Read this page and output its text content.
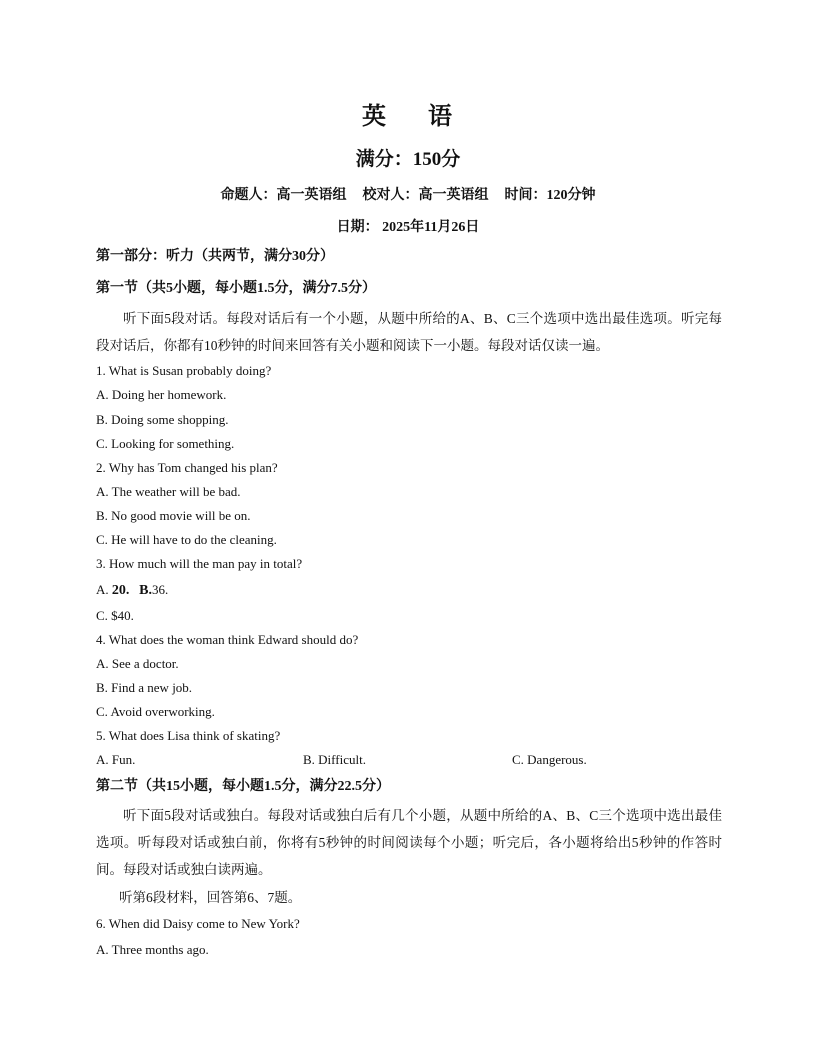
英 语
满分：150分
命题人：高一英语组 校对人：高一英语组 时间：120分钟
日期： 2025年11月26日
第一部分：听力（共两节，满分30分）
第一节（共5小题，每小题1.5分，满分7.5分）
听下面5段对话。每段对话后有一个小题，从题中所给的A、B、C三个选项中选出最佳选项。听完每段对话后，你都有10秒钟的时间来回答有关小题和阅读下一小题。每段对话仅读一遍。
1. What is Susan probably doing?
A. Doing her homework.
B. Doing some shopping.
C. Looking for something.
2. Why has Tom changed his plan?
A. The weather will be bad.
B. No good movie will be on.
C. He will have to do the cleaning.
3. How much will the man pay in total?
A. 20. B.36.
C. $40.
4. What does the woman think Edward should do?
A. See a doctor.
B. Find a new job.
C. Avoid overworking.
5. What does Lisa think of skating?
A. Fun.	B. Difficult.	C. Dangerous.
第二节（共15小题，每小题1.5分，满分22.5分）
听下面5段对话或独白。每段对话或独白后有几个小题，从题中所给的A、B、C三个选项中选出最佳选项。听每段对话或独白前，你将有5秒钟的时间阅读每个小题；听完后，各小题将给出5秒钟的作答时间。每段对话或独白读两遍。
听第6段材料，回答第6、7题。
6. When did Daisy come to New York?
A. Three months ago.
